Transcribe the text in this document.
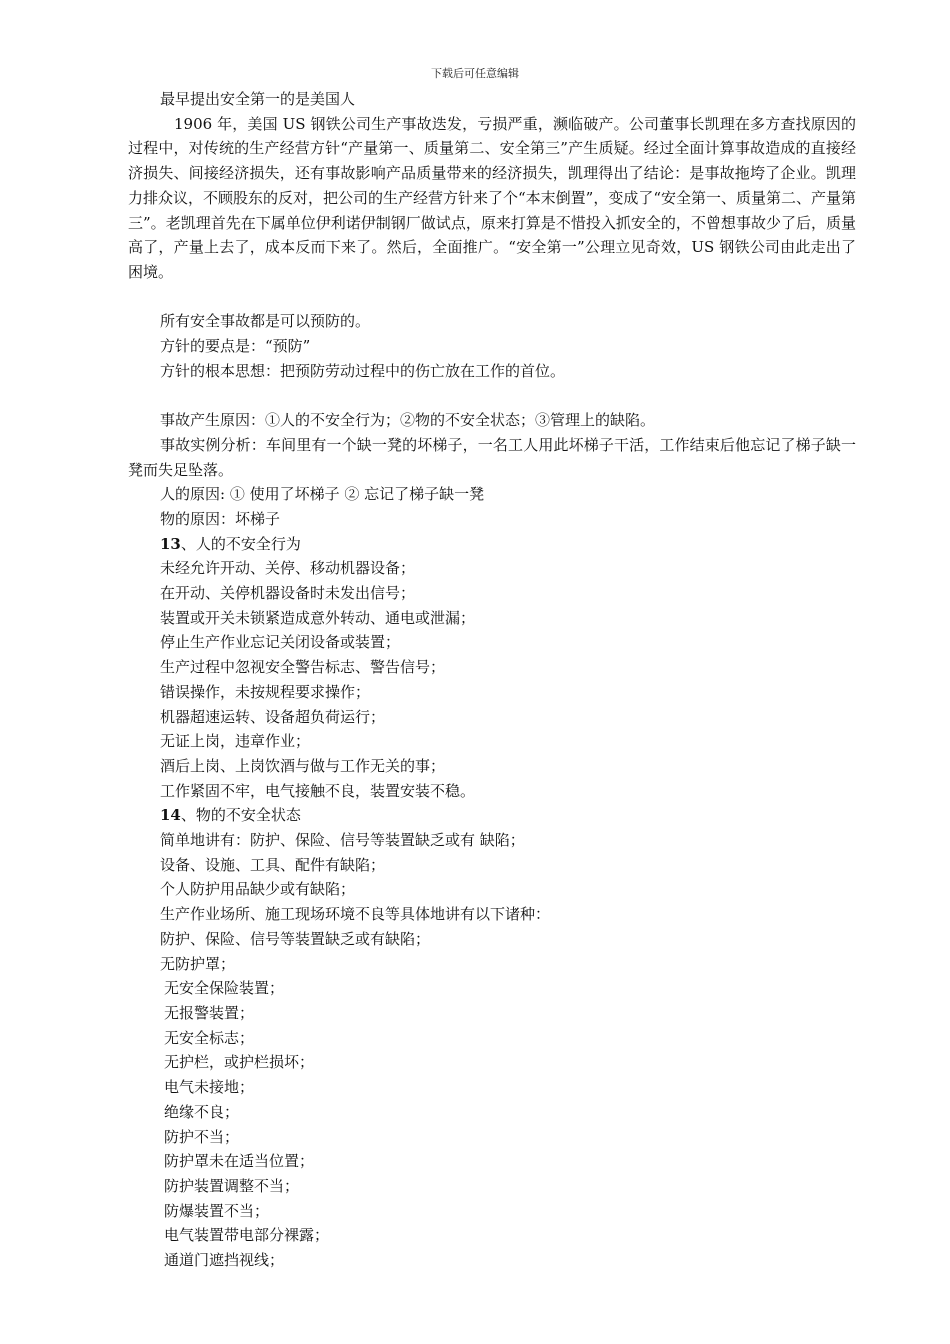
下载后可任意编辑

最早提出安全第一的是美国人

1906 年，美国 US 钢铁公司生产事故迭发，亏损严重，濒临破产。公司董事长凯理在多方查找原因的过程中，对传统的生产经营方针“产量第一、质量第二、安全第三”产生质疑。经过全面计算事故造成的直接经济损失、间接经济损失，还有事故影响产品质量带来的经济损失，凯理得出了结论：是事故拖垮了企业。凯理力排众议，不顾股东的反对，把公司的生产经营方针来了个“本末倒置”，变成了“安全第一、质量第二、产量第三”。老凯理首先在下属单位伊利诺伊制钢厂做试点，原来打算是不惜投入抓安全的，不曾想事故少了后，质量高了，产量上去了，成本反而下来了。然后，全面推广。“安全第一”公理立见奇效，US 钢铁公司由此走出了困境。

所有安全事故都是可以预防的。

方针的要点是：“预防”

方针的根本思想：把预防劳动过程中的伤亡放在工作的首位。

事故产生原因：①人的不安全行为；②物的不安全状态；③管理上的缺陷。

事故实例分析：车间里有一个缺一凳的坏梯子，一名工人用此坏梯子干活，工作结束后他忘记了梯子缺一凳而失足坠落。

人的原因: ① 使用了坏梯子 ② 忘记了梯子缺一凳

物的原因：坏梯子

13、人的不安全行为

未经允许开动、关停、移动机器设备；

在开动、关停机器设备时未发出信号；

装置或开关未锁紧造成意外转动、通电或泄漏；

停止生产作业忘记关闭设备或装置；

生产过程中忽视安全警告标志、警告信号；

错误操作，未按规程要求操作；

机器超速运转、设备超负荷运行；

无证上岗，违章作业；

酒后上岗、上岗饮酒与做与工作无关的事；

工作紧固不牢，电气接触不良，装置安装不稳。

14、物的不安全状态

简单地讲有：防护、保险、信号等装置缺乏或有 缺陷；

设备、设施、工具、配件有缺陷；

个人防护用品缺少或有缺陷；

生产作业场所、施工现场环境不良等具体地讲有以下诸种：

防护、保险、信号等装置缺乏或有缺陷；

无防护罩；

无安全保险装置；

无报警装置；

无安全标志；

无护栏，或护栏损坏；

电气未接地；

绝缘不良；

防护不当；

防护罩未在适当位置；

防护装置调整不当；

防爆装置不当；

电气装置带电部分裸露；

通道门遮挡视线；
